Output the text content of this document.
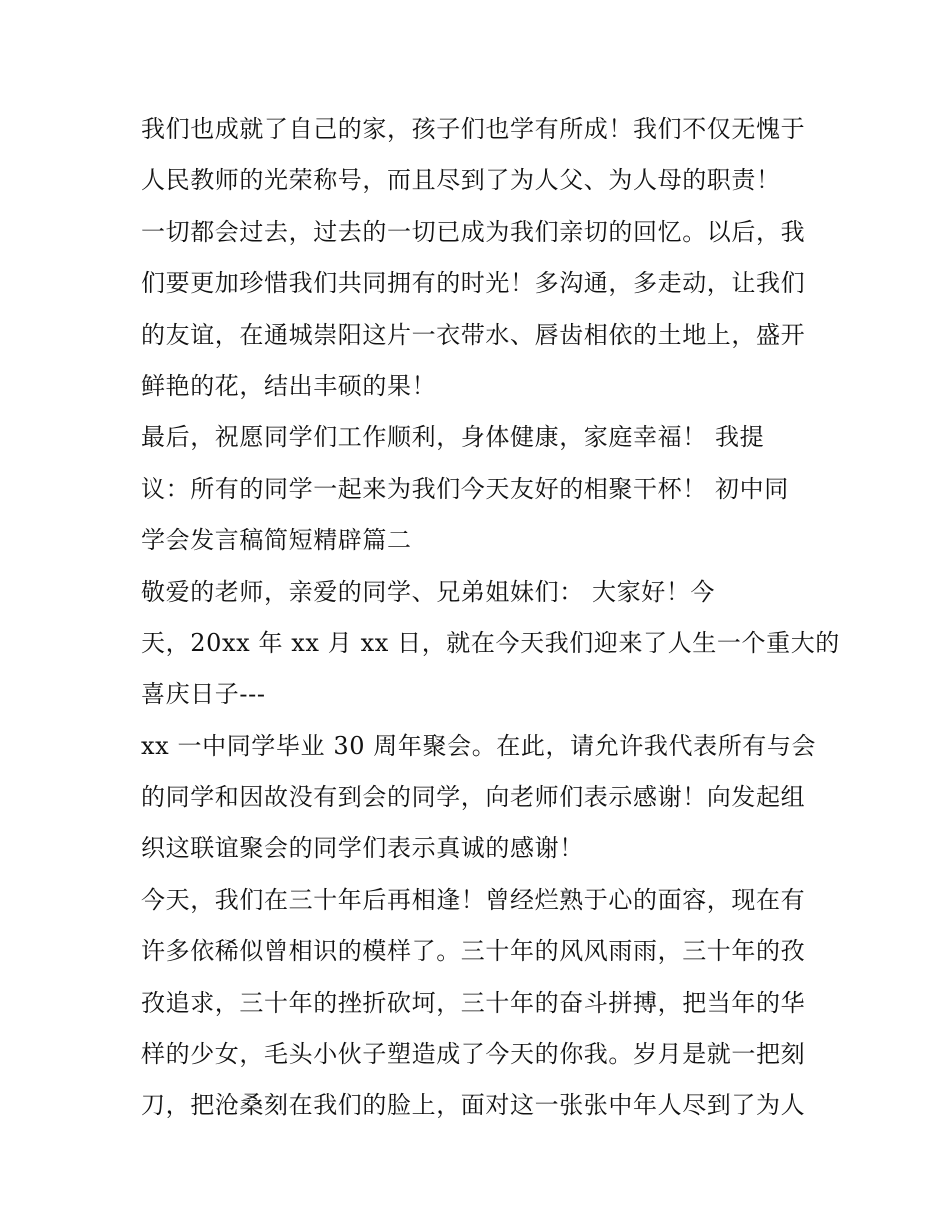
我们也成就了自己的家，孩子们也学有所成！我们不仅无愧于
人民教师的光荣称号，而且尽到了为人父、为人母的职责！
一切都会过去，过去的一切已成为我们亲切的回忆。以后，我
们要更加珍惜我们共同拥有的时光！多沟通，多走动，让我们
的友谊，在通城崇阳这片一衣带水、唇齿相依的土地上，盛开
鲜艳的花，结出丰硕的果！
最后，祝愿同学们工作顺利，身体健康，家庭幸福！ 我提
议：所有的同学一起来为我们今天友好的相聚干杯！ 初中同
学会发言稿简短精辟篇二
敬爱的老师，亲爱的同学、兄弟姐妹们： 大家好！今
天，20xx 年 xx 月 xx 日，就在今天我们迎来了人生一个重大的
喜庆日子---
xx 一中同学毕业 30 周年聚会。在此，请允许我代表所有与会
的同学和因故没有到会的同学，向老师们表示感谢！向发起组
织这联谊聚会的同学们表示真诚的感谢！
今天，我们在三十年后再相逢！曾经烂熟于心的面容，现在有
许多依稀似曾相识的模样了。三十年的风风雨雨，三十年的孜
孜追求，三十年的挫折砍坷，三十年的奋斗拼搏，把当年的华
样的少女，毛头小伙子塑造成了今天的你我。岁月是就一把刻
刀，把沧桑刻在我们的脸上，面对这一张张中年人尽到了为人
